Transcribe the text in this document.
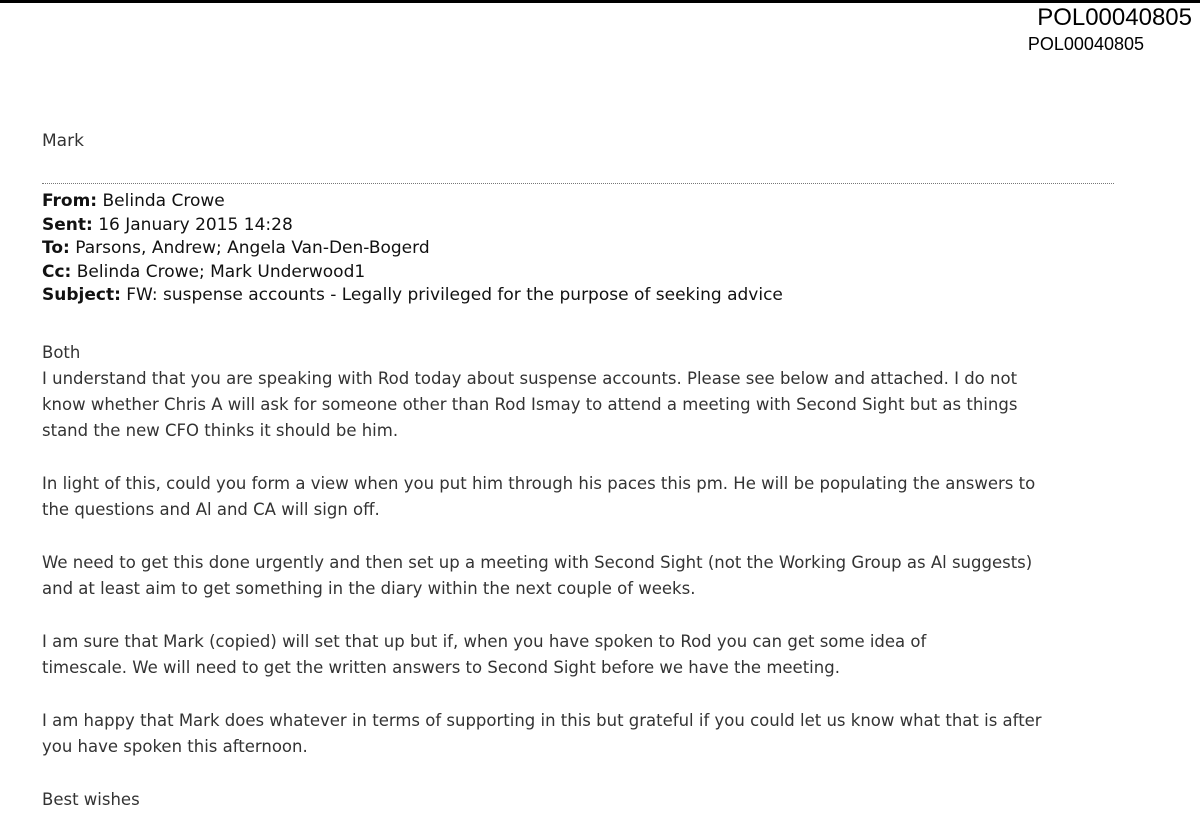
POL00040805
POL00040805
Mark
From: Belinda Crowe
Sent: 16 January 2015 14:28
To: Parsons, Andrew; Angela Van-Den-Bogerd
Cc: Belinda Crowe; Mark Underwood1
Subject: FW: suspense accounts - Legally privileged for the purpose of seeking advice

Both

I understand that you are speaking with Rod today about suspense accounts. Please see below and attached. I do not
know whether Chris A will ask for someone other than Rod Ismay to attend a meeting with Second Sight but as things
stand the new CFO thinks it should be him.

In light of this, could you form a view when you put him through his paces this pm. He will be populating the answers to
the questions and Al and CA will sign off.

We need to get this done urgently and then set up a meeting with Second Sight (not the Working Group as Al suggests)
and at least aim to get something in the diary within the next couple of weeks.

I am sure that Mark (copied) will set that up but if, when you have spoken to Rod you can get some idea of
timescale. We will need to get the written answers to Second Sight before we have the meeting.

I am happy that Mark does whatever in terms of supporting in this but grateful if you could let us know what that is after
you have spoken this afternoon.

Best wishes
